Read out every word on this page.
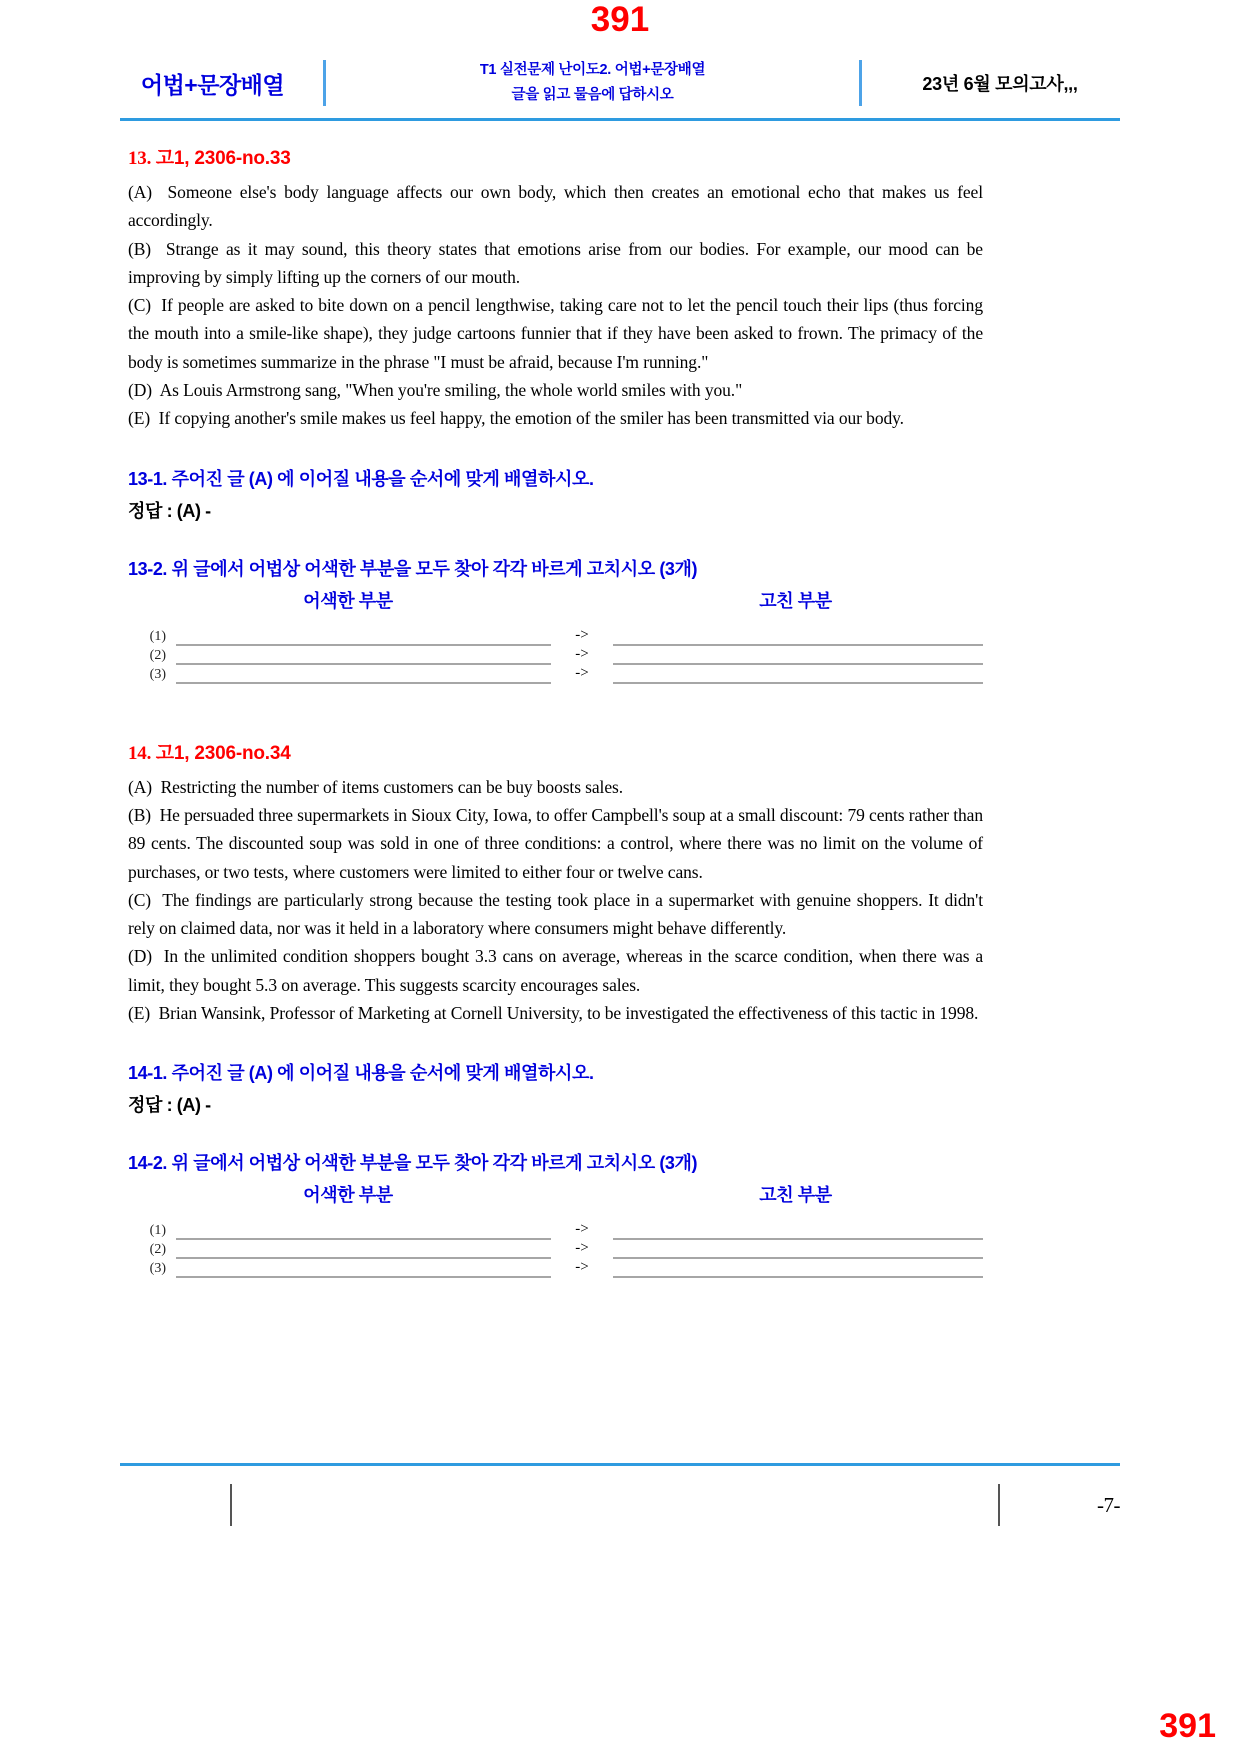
391
어법+문장배열
T1 실전문제 난이도2. 어법+문장배열
글을 읽고 물음에 답하시오
23년 6월 모의고사,,,

13. 고1, 2306-no.33

(A) Someone else's body language affects our own body, which then creates an emotional echo that makes us feel accordingly.

(B) Strange as it may sound, this theory states that emotions arise from our bodies. For example, our mood can be improving by simply lifting up the corners of our mouth.

(C) If people are asked to bite down on a pencil lengthwise, taking care not to let the pencil touch their lips (thus forcing the mouth into a smile-like shape), they judge cartoons funnier that if they have been asked to frown. The primacy of the body is sometimes summarize in the phrase "I must be afraid, because I'm running."

(D) As Louis Armstrong sang, "When you're smiling, the whole world smiles with you."

(E) If copying another's smile makes us feel happy, the emotion of the smiler has been transmitted via our body.

13-1. 주어진 글 (A) 에 이어질 내용을 순서에 맞게 배열하시오.

정답 : (A) -

13-2. 위 글에서 어법상 어색한 부분을 모두 찾아 각각 바르게 고치시오 (3개)

어색한 부분	고친 부분
(1)	->
(2)	->
(3)	->

14. 고1, 2306-no.34

(A) Restricting the number of items customers can be buy boosts sales.

(B) He persuaded three supermarkets in Sioux City, Iowa, to offer Campbell's soup at a small discount: 79 cents rather than 89 cents. The discounted soup was sold in one of three conditions: a control, where there was no limit on the volume of purchases, or two tests, where customers were limited to either four or twelve cans.

(C) The findings are particularly strong because the testing took place in a supermarket with genuine shoppers. It didn't rely on claimed data, nor was it held in a laboratory where consumers might behave differently.

(D) In the unlimited condition shoppers bought 3.3 cans on average, whereas in the scarce condition, when there was a limit, they bought 5.3 on average. This suggests scarcity encourages sales.

(E) Brian Wansink, Professor of Marketing at Cornell University, to be investigated the effectiveness of this tactic in 1998.

14-1. 주어진 글 (A) 에 이어질 내용을 순서에 맞게 배열하시오.

정답 : (A) -

14-2. 위 글에서 어법상 어색한 부분을 모두 찾아 각각 바르게 고치시오 (3개)

어색한 부분	고친 부분
(1)	->
(2)	->
(3)	->
-7-
391
